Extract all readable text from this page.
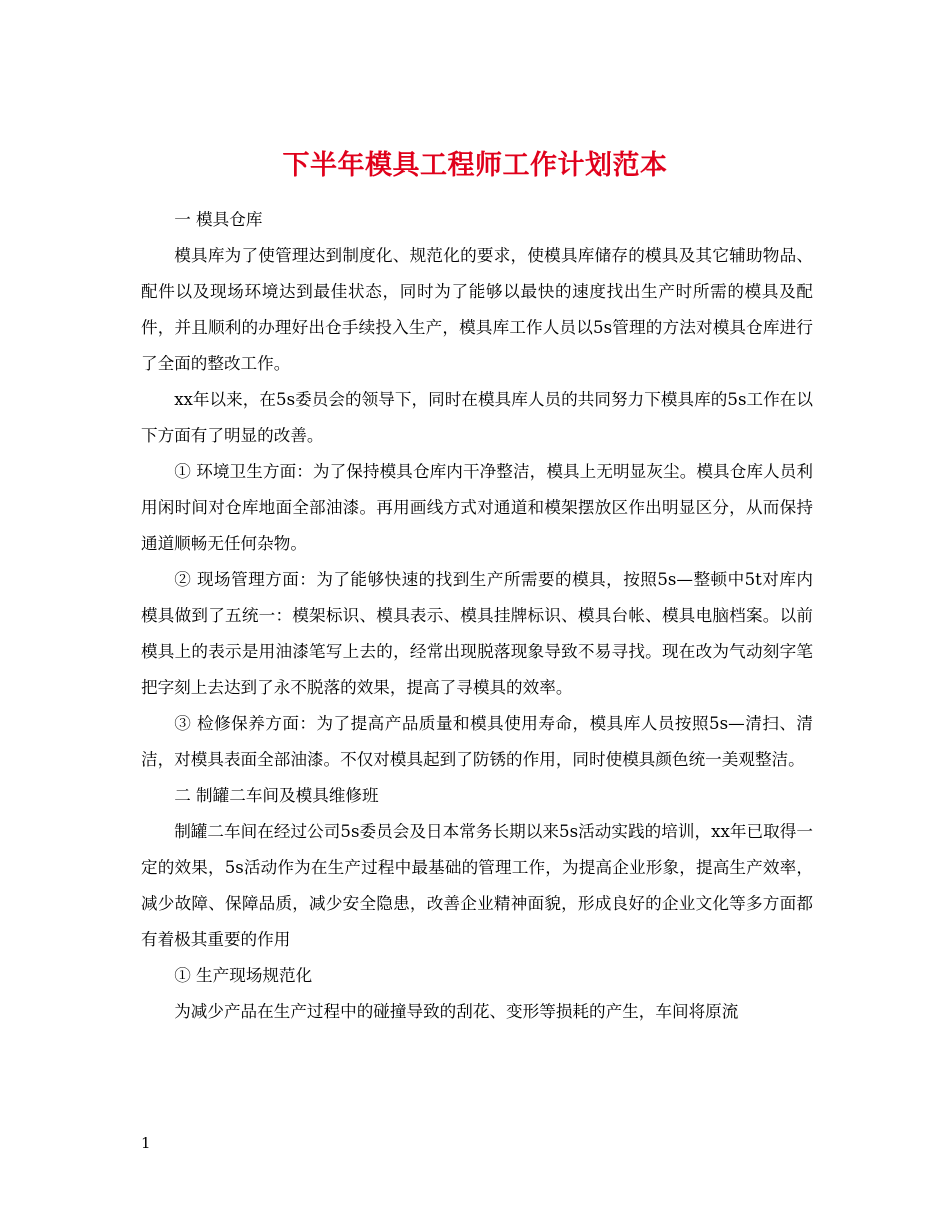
下半年模具工程师工作计划范本

一 模具仓库

模具库为了使管理达到制度化、规范化的要求，使模具库储存的模具及其它辅助物品、配件以及现场环境达到最佳状态，同时为了能够以最快的速度找出生产时所需的模具及配件，并且顺利的办理好出仓手续投入生产，模具库工作人员以5s管理的方法对模具仓库进行了全面的整改工作。

xx年以来，在5s委员会的领导下，同时在模具库人员的共同努力下模具库的5s工作在以下方面有了明显的改善。

① 环境卫生方面：为了保持模具仓库内干净整洁，模具上无明显灰尘。模具仓库人员利用闲时间对仓库地面全部油漆。再用画线方式对通道和模架摆放区作出明显区分，从而保持通道顺畅无任何杂物。

② 现场管理方面：为了能够快速的找到生产所需要的模具，按照5s—整顿中5t对库内模具做到了五统一：模架标识、模具表示、模具挂牌标识、模具台帐、模具电脑档案。以前模具上的表示是用油漆笔写上去的，经常出现脱落现象导致不易寻找。现在改为气动刻字笔把字刻上去达到了永不脱落的效果，提高了寻模具的效率。

③ 检修保养方面：为了提高产品质量和模具使用寿命，模具库人员按照5s—清扫、清洁，对模具表面全部油漆。不仅对模具起到了防锈的作用，同时使模具颜色统一美观整洁。

二 制罐二车间及模具维修班

制罐二车间在经过公司5s委员会及日本常务长期以来5s活动实践的培训，xx年已取得一定的效果，5s活动作为在生产过程中最基础的管理工作，为提高企业形象，提高生产效率，减少故障、保障品质，减少安全隐患，改善企业精神面貌，形成良好的企业文化等多方面都有着极其重要的作用

① 生产现场规范化

为减少产品在生产过程中的碰撞导致的刮花、变形等损耗的产生，车间将原流

1
